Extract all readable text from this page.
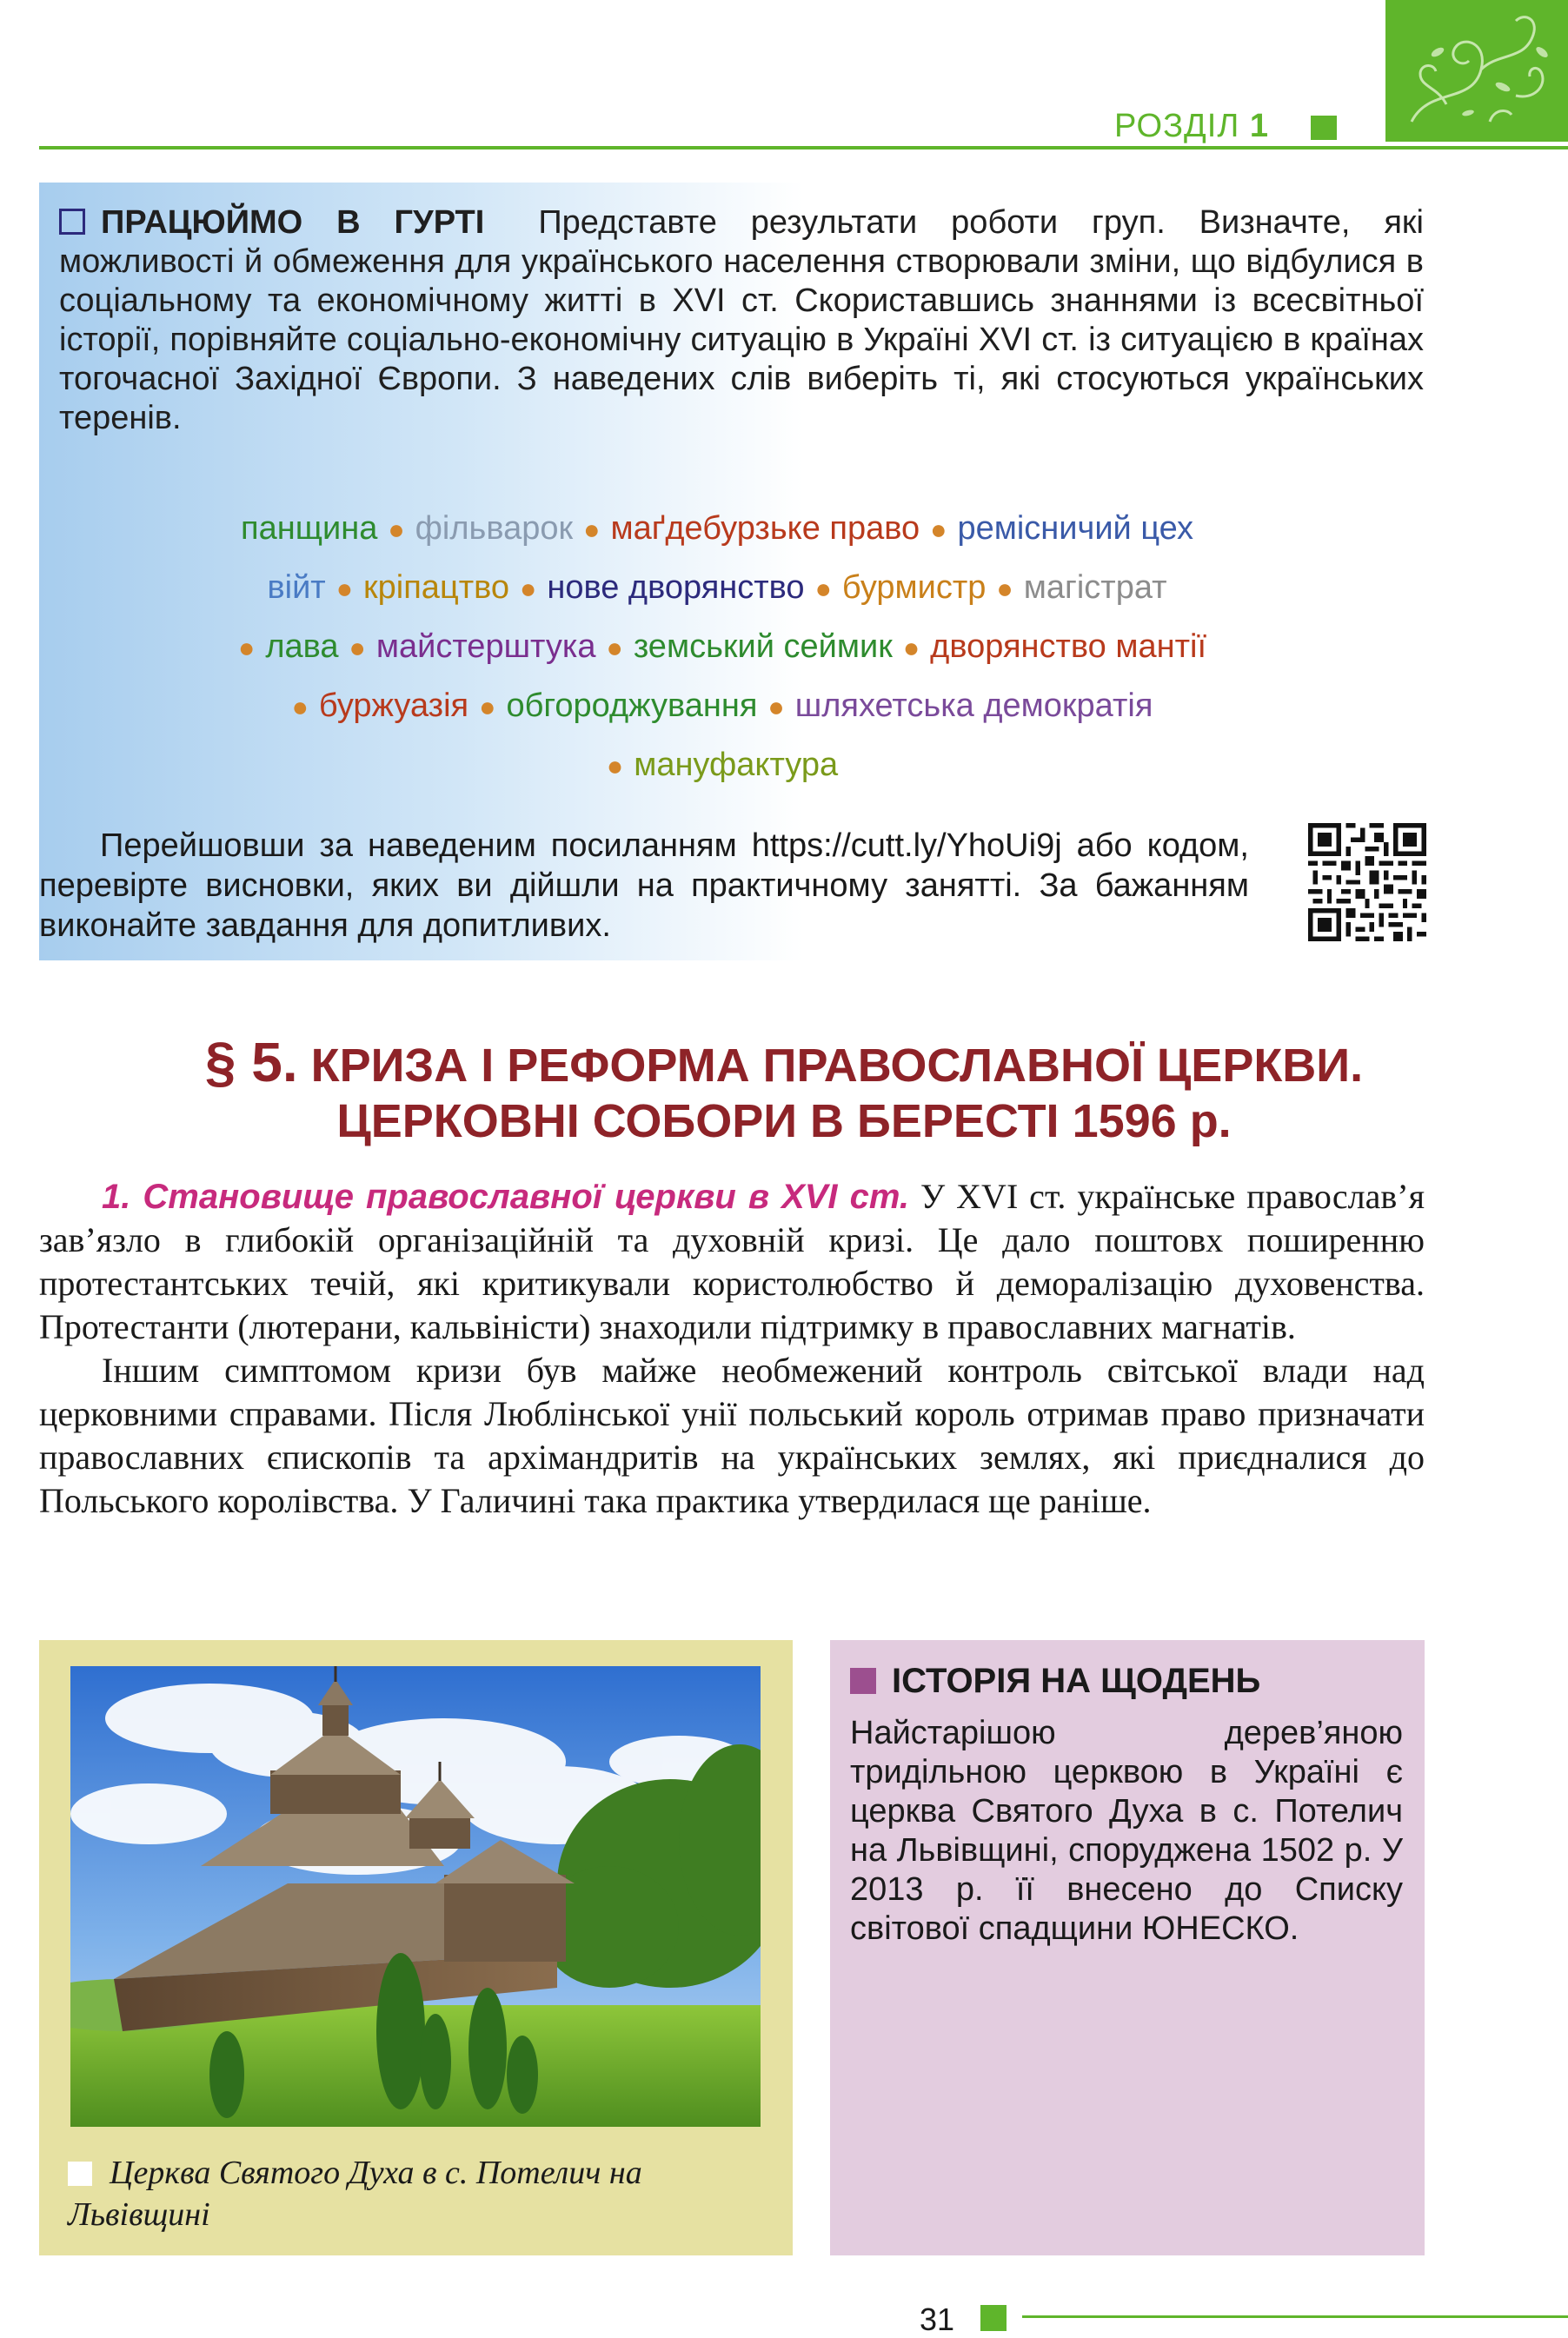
РОЗДІЛ 1
ПРАЦЮЙМО В ГУРТІ Представте результати роботи груп. Визначте, які можливості й обмеження для українського населення створювали зміни, що відбулися в соціальному та економічному житті в XVI ст. Скориставшись знаннями із всесвітньої історії, порівняйте соціально-економічну ситуацію в Україні XVI ст. із ситуацією в країнах тогочасної Західної Європи. З наведених слів виберіть ті, які стосуються українських теренів.
панщина ● фільварок ● маґдебурзьке право ● ремісничий цех
війт ● кріпацтво ● нове дворянство ● бурмистр ● магістрат
● лава ● майстерштука ● земський сеймик ● дворянство мантії
● буржуазія ● обгороджування ● шляхетська демократія
● мануфактура
Перейшовши за наведеним посиланням https://cutt.ly/YhoUi9j або кодом, перевірте висновки, яких ви дійшли на практичному занятті. За бажанням виконайте завдання для допитливих.
§ 5. КРИЗА І РЕФОРМА ПРАВОСЛАВНОЇ ЦЕРКВИ.
ЦЕРКОВНІ СОБОРИ В БЕРЕСТІ 1596 р.

1. Становище православної церкви в XVI ст. У XVI ст. українське православ’я зав’язло в глибокій організаційній та духовній кризі. Це дало поштовх поширенню протестантських течій, які критикували користолюбство й деморалізацію духовенства. Протестанти (лютерани, кальвіністи) знаходили підтримку в православних магнатів.

Іншим симптомом кризи був майже необмежений контроль світської влади над церковними справами. Після Люблінської унії польський король отримав право призначати православних єпископів та архімандритів на українських землях, які приєдналися до Польського королівства. У Галичині така практика утвердилася ще раніше.

Церква Святого Духа в с. Потелич на Львівщині
ІСТОРІЯ НА ЩОДЕНЬ
Найстарішою дерев’яною тридільною церквою в Україні є церква Святого Духа в с. Потелич на Львівщині, споруджена 1502 р. У 2013 р. її внесено до Списку світової спадщини ЮНЕСКО.
31
